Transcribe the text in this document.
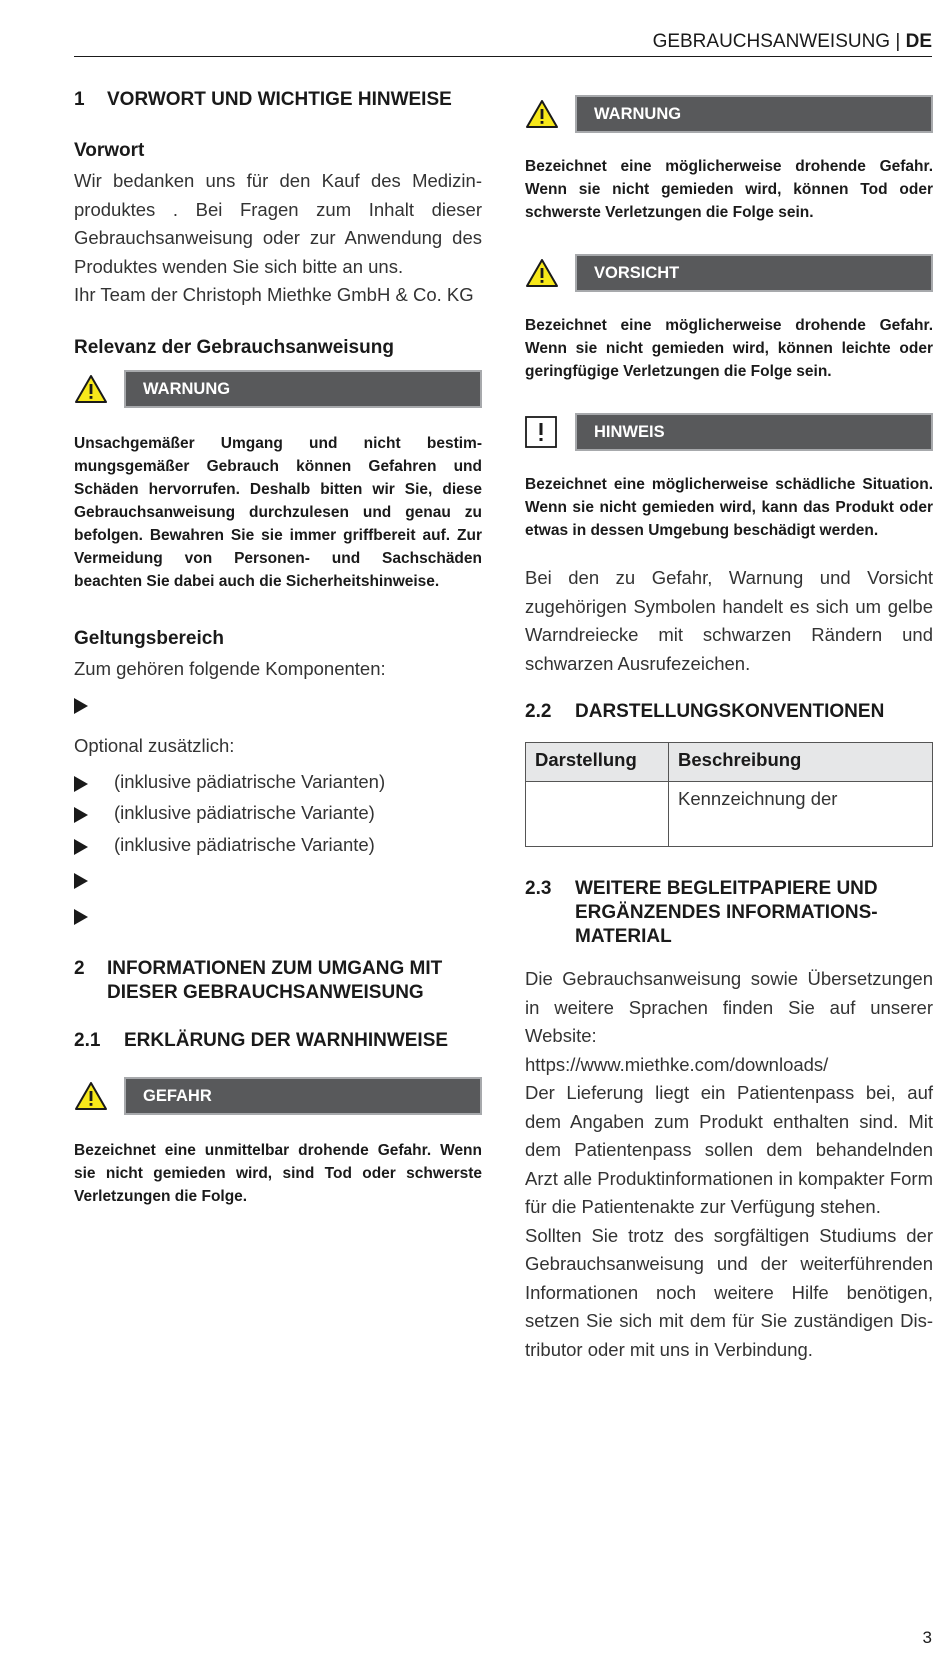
GEBRAUCHSANWEISUNG | DE
1	VORWORT UND WICHTIGE HINWEISE
Vorwort

Wir bedanken uns für den Kauf des Medizinproduktes . Bei Fragen zum Inhalt dieser Gebrauchsanweisung oder zur Anwendung des Produktes wenden Sie sich bitte an uns.

Ihr Team der Christoph Miethke GmbH & Co. KG

Relevanz der Gebrauchsanweisung
WARNUNG

Unsachgemäßer Umgang und nicht bestimmungsgemäßer Gebrauch können Gefahren und Schäden hervorrufen. Deshalb bitten wir Sie, diese Gebrauchsanweisung durchzulesen und genau zu befolgen. Bewahren Sie sie immer griffbereit auf. Zur Vermeidung von Personen- und Sachschäden beachten Sie dabei auch die Sicherheitshinweise.

Geltungsbereich

Zum gehören folgende Komponenten:

Optional zusätzlich:

(inklusive pädiatrische Varianten)
(inklusive pädiatrische Variante)
(inklusive pädiatrische Variante)
2	INFORMATIONEN ZUM UMGANG MIT DIESER GEBRAUCHSANWEISUNG
2.1	ERKLÄRUNG DER WARNHINWEISE
GEFAHR

Bezeichnet eine unmittelbar drohende Gefahr. Wenn sie nicht gemieden wird, sind Tod oder schwerste Verletzungen die Folge.

WARNUNG

Bezeichnet eine möglicherweise drohende Gefahr. Wenn sie nicht gemieden wird, können Tod oder schwerste Verletzungen die Folge sein.

VORSICHT

Bezeichnet eine möglicherweise drohende Gefahr. Wenn sie nicht gemieden wird, können leichte oder geringfügige Verletzungen die Folge sein.

HINWEIS

Bezeichnet eine möglicherweise schädliche Situation. Wenn sie nicht gemieden wird, kann das Produkt oder etwas in dessen Umgebung beschädigt werden.

Bei den zu Gefahr, Warnung und Vorsicht zugehörigen Symbolen handelt es sich um gelbe Warndreiecke mit schwarzen Rändern und schwarzen Ausrufezeichen.

2.2	DARSTELLUNGSKONVENTIONEN
Darstellung	Beschreibung
	Kennzeichnung der
2.3	WEITERE BEGLEITPAPIERE UND ERGÄNZENDES INFORMATIONSMATERIAL

Die Gebrauchsanweisung sowie Übersetzungen in weitere Sprachen finden Sie auf unserer Website:

https://www.miethke.com/downloads/

Der Lieferung liegt ein Patientenpass bei, auf dem Angaben zum Produkt enthalten sind. Mit dem Patientenpass sollen dem behandelnden Arzt alle Produktinformationen in kompakter Form für die Patientenakte zur Verfügung stehen.

Sollten Sie trotz des sorgfältigen Studiums der Gebrauchsanweisung und der weiterführenden Informationen noch weitere Hilfe benötigen, setzen Sie sich mit dem für Sie zuständigen Distributor oder mit uns in Verbindung.

3
